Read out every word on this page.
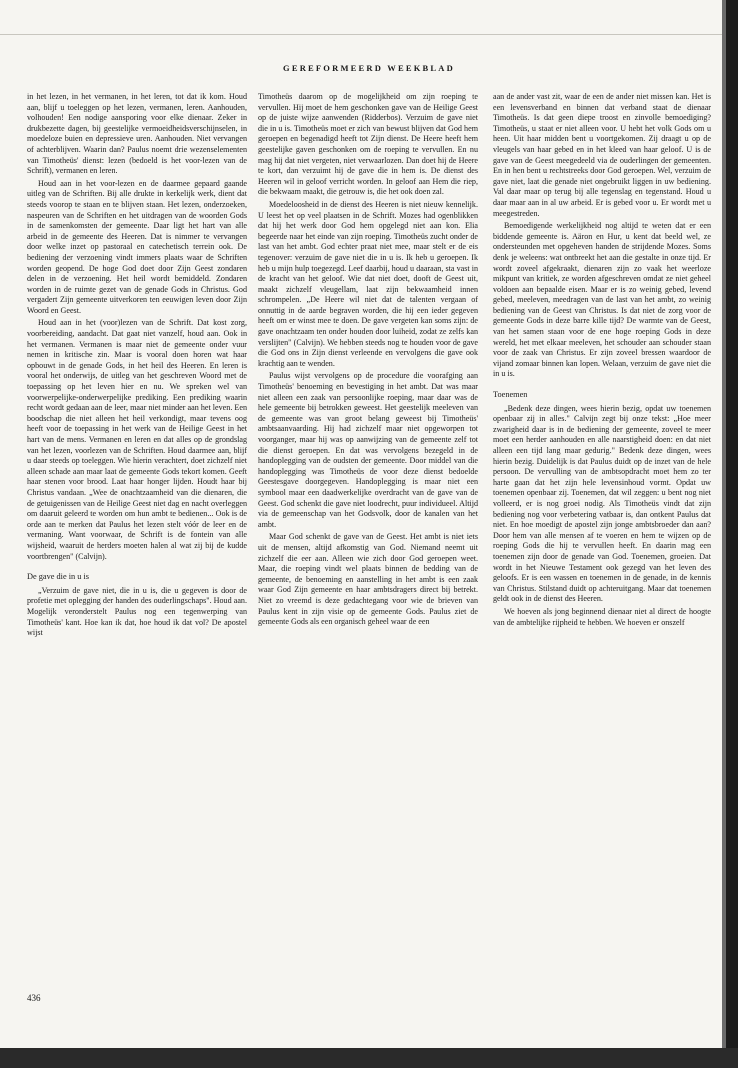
GEREFORMEERD WEEKBLAD

in het lezen, in het vermanen, in het leren, tot dat ik kom. Houd aan, blijf u toeleggen op het lezen, vermanen, leren. Aanhouden, volhouden! Een nodige aansporing voor elke dienaar. Zeker in drukbezette dagen, bij geestelijke vermoeidheidsverschijnselen, in moedeloze buien en depressieve uren. Aanhouden. Niet vervangen of achterblijven. Waarin dan? Paulus noemt drie wezenselementen van Timotheüs' dienst: lezen (bedoeld is het voor-lezen van de Schrift), vermanen en leren.

Houd aan in het voor-lezen en de daarmee gepaard gaande uitleg van de Schriften. Bij alle drukte in kerkelijk werk, dient dat steeds voorop te staan en te blijven staan. Het lezen, onderzoeken, naspeuren van de Schriften en het uitdragen van de woorden Gods in de samenkomsten der gemeente. Daar ligt het hart van alle arbeid in de gemeente des Heeren. Dat is nimmer te vervangen door welke inzet op pastoraal en catechetisch terrein ook. De bediening der verzoening vindt immers plaats waar de Schriften worden geopend. De hoge God doet door Zijn Geest zondaren delen in de verzoening. Het heil wordt bemiddeld. Zondaren worden in de ruimte gezet van de genade Gods in Christus. God vergadert Zijn gemeente uitverkoren ten eeuwigen leven door Zijn Woord en Geest.

Houd aan in het (voor)lezen van de Schrift. Dat kost zorg, voorbereiding, aandacht. Dat gaat niet vanzelf, houd aan. Ook in het vermanen. Vermanen is maar niet de gemeente onder vuur nemen in kritische zin. Maar is vooral doen horen wat haar opbouwt in de genade Gods, in het heil des Heeren. En leren is vooral het onderwijs, de uitleg van het geschreven Woord met de toepassing op het leven hier en nu. We spreken wel van voorwerpelijke-onderwerpelijke prediking. Een prediking waarin recht wordt gedaan aan de leer, maar niet minder aan het leven. Een boodschap die niet alleen het heil verkondigt, maar tevens oog heeft voor de toepassing in het werk van de Heilige Geest in het hart van de mens. Vermanen en leren en dat alles op de grondslag van het lezen, voorlezen van de Schriften. Houd daarmee aan, blijf u daar steeds op toeleggen. Wie hierin verachtert, doet zichzelf niet alleen schade aan maar laat de gemeente Gods tekort komen. Geeft haar stenen voor brood. Laat haar honger lijden. Houdt haar bij Christus vandaan. „Wee de onachtzaamheid van die dienaren, die de getuigenissen van de Heilige Geest niet dag en nacht overleggen om daaruit geleerd te worden om hun ambt te bedienen... Ook is de orde aan te merken dat Paulus het lezen stelt vóór de leer en de vermaning. Want voorwaar, de Schrift is de fontein van alle wijsheid, waaruit de herders moeten halen al wat zij bij de kudde voortbrengen" (Calvijn).

De gave die in u is

„Verzuim de gave niet, die in u is, die u gegeven is door de profetie met oplegging der handen des ouderlingschaps". Houd aan. Mogelijk veronderstelt Paulus nog een tegenwerping van Timotheüs' kant. Hoe kan ik dat, hoe houd ik dat vol? De apostel wijst

Timotheüs daarom op de mogelijkheid om zijn roeping te vervullen. Hij moet de hem geschonken gave van de Heilige Geest op de juiste wijze aanwenden (Ridderbos). Verzuim de gave niet die in u is. Timotheüs moet er zich van bewust blijven dat God hem geroepen en begenadigd heeft tot Zijn dienst. De Heere heeft hem geestelijke gaven geschonken om de roeping te vervullen. En nu mag hij dat niet vergeten, niet verwaarlozen. Dan doet hij de Heere te kort, dan verzuimt hij de gave die in hem is. De dienst des Heeren wil in geloof verricht worden. In geloof aan Hem die riep, die bekwaam maakt, die getrouw is, die het ook doen zal.

Moedeloosheid in de dienst des Heeren is niet nieuw kennelijk. U leest het op veel plaatsen in de Schrift. Mozes had ogenblikken dat hij het werk door God hem opgelegd niet aan kon. Elia begeerde naar het einde van zijn roeping. Timotheüs zucht onder de last van het ambt. God echter praat niet mee, maar stelt er de eis tegenover: verzuim de gave niet die in u is. Ik heb u geroepen. Ik heb u mijn hulp toegezegd. Leef daarbij, houd u daaraan, sta vast in de kracht van het geloof. Wie dat niet doet, dooft de Geest uit, maakt zichzelf vleugellam, laat zijn bekwaamheid innen schrompelen. „De Heere wil niet dat de talenten vergaan of onnuttig in de aarde begraven worden, die hij een ieder gegeven heeft om er winst mee te doen. De gave vergeten kan soms zijn: de gave onachtzaam ten onder houden door luiheid, zodat ze zelfs kan verslijten" (Calvijn). We hebben steeds nog te houden voor de gave die God ons in Zijn dienst verleende en vervolgens die gave ook krachtig aan te wenden.

Paulus wijst vervolgens op de procedure die voorafging aan Timotheüs' benoeming en bevestiging in het ambt. Dat was maar niet alleen een zaak van persoonlijke roeping, maar daar was de hele gemeente bij betrokken geweest. Het geestelijk meeleven van de gemeente was van groot belang geweest bij Timotheüs' ambtsaanvaarding. Hij had zichzelf maar niet opgeworpen tot voorganger, maar hij was op aanwijzing van de gemeente zelf tot die dienst geroepen. En dat was vervolgens bezegeld in de handoplegging van de oudsten der gemeente. Door middel van die handoplegging was Timotheüs de voor deze dienst bedoelde Geestesgave doorgegeven. Handoplegging is maar niet een symbool maar een daadwerkelijke overdracht van de gave van de Geest. God schenkt die gave niet loodrecht, puur individueel. Altijd via de gemeenschap van het Godsvolk, door de kanalen van het ambt.

Maar God schenkt de gave van de Geest. Het ambt is niet iets uit de mensen, altijd afkomstig van God. Niemand neemt uit zichzelf die eer aan. Alleen wie zich door God geroepen weet. Maar, die roeping vindt wel plaats binnen de bedding van de gemeente, de benoeming en aanstelling in het ambt is een zaak waar God Zijn gemeente en haar ambtsdragers direct bij betrekt. Niet zo vreemd is deze gedachtegang voor wie de brieven van Paulus kent in zijn visie op de gemeente Gods. Paulus ziet de gemeente Gods als een organisch geheel waar de een

aan de ander vast zit, waar de een de ander niet missen kan. Het is een levensverband en binnen dat verband staat de dienaar Timotheüs. Is dat geen diepe troost en zinvolle bemoediging? Timotheüs, u staat er niet alleen voor. U hebt het volk Gods om u heen. Uit haar midden bent u voortgekomen. Zij draagt u op de vleugels van haar gebed en in het kleed van haar geloof. U is de gave van de Geest meegedeeld via de ouderlingen der gemeenten. En in hen bent u rechtstreeks door God geroepen. Wel, verzuim de gave niet, laat die genade niet ongebruikt liggen in uw bediening. Val daar maar op terug bij alle tegenslag en tegenstand. Houd u daar maar aan in al uw arbeid. Er is gebed voor u. Er wordt met u meegestreden.

Bemoedigende werkelijkheid nog altijd te weten dat er een biddende gemeente is. Aäron en Hur, u kent dat beeld wel, ze ondersteunden met opgeheven handen de strijdende Mozes. Soms denk je weleens: wat ontbreekt het aan die gestalte in onze tijd. Er wordt zoveel afgekraakt, dienaren zijn zo vaak het weerloze mikpunt van kritiek, ze worden afgeschreven omdat ze niet geheel voldoen aan bepaalde eisen. Maar er is zo weinig gebed, levend gebed, meeleven, meedragen van de last van het ambt, zo weinig bediening van de Geest van Christus. Is dat niet de zorg voor de gemeente Gods in deze barre kille tijd? De warmte van de Geest, van het samen staan voor de ene hoge roeping Gods in deze wereld, het met elkaar meeleven, het schouder aan schouder staan voor de zaak van Christus. Er zijn zoveel bressen waardoor de vijand zomaar binnen kan lopen. Welaan, verzuim de gave niet die in u is.

Toenemen

„Bedenk deze dingen, wees hierin bezig, opdat uw toenemen openbaar zij in alles." Calvijn zegt bij onze tekst: „Hoe meer zwarigheid daar is in de bediening der gemeente, zoveel te meer moet een herder aanhouden en alle naarstigheid doen: en dat niet alleen een tijd lang maar gedurig." Bedenk deze dingen, wees hierin bezig. Duidelijk is dat Paulus duidt op de inzet van de hele persoon. De vervulling van de ambtsopdracht moet hem zo ter harte gaan dat het zijn hele levensinhoud vormt. Opdat uw toenemen openbaar zij. Toenemen, dat wil zeggen: u bent nog niet volleerd, er is nog groei nodig. Als Timotheüs vindt dat zijn bediening nog voor verbetering vatbaar is, dan ontkent Paulus dat niet. En hoe moedigt de apostel zijn jonge ambtsbroeder dan aan? Door hem van alle mensen af te voeren en hem te wijzen op de roeping Gods die hij te vervullen heeft. En daarin mag een toenemen zijn door de genade van God. Toenemen, groeien. Dat wordt in het Nieuwe Testament ook gezegd van het leven des geloofs. Er is een wassen en toenemen in de genade, in de kennis van Christus. Stilstand duidt op achteruitgang. Maar dat toenemen geldt ook in de dienst des Heeren.

We hoeven als jong beginnend dienaar niet al direct de hoogte van de ambtelijke rijpheid te hebben. We hoeven er onszelf

436
